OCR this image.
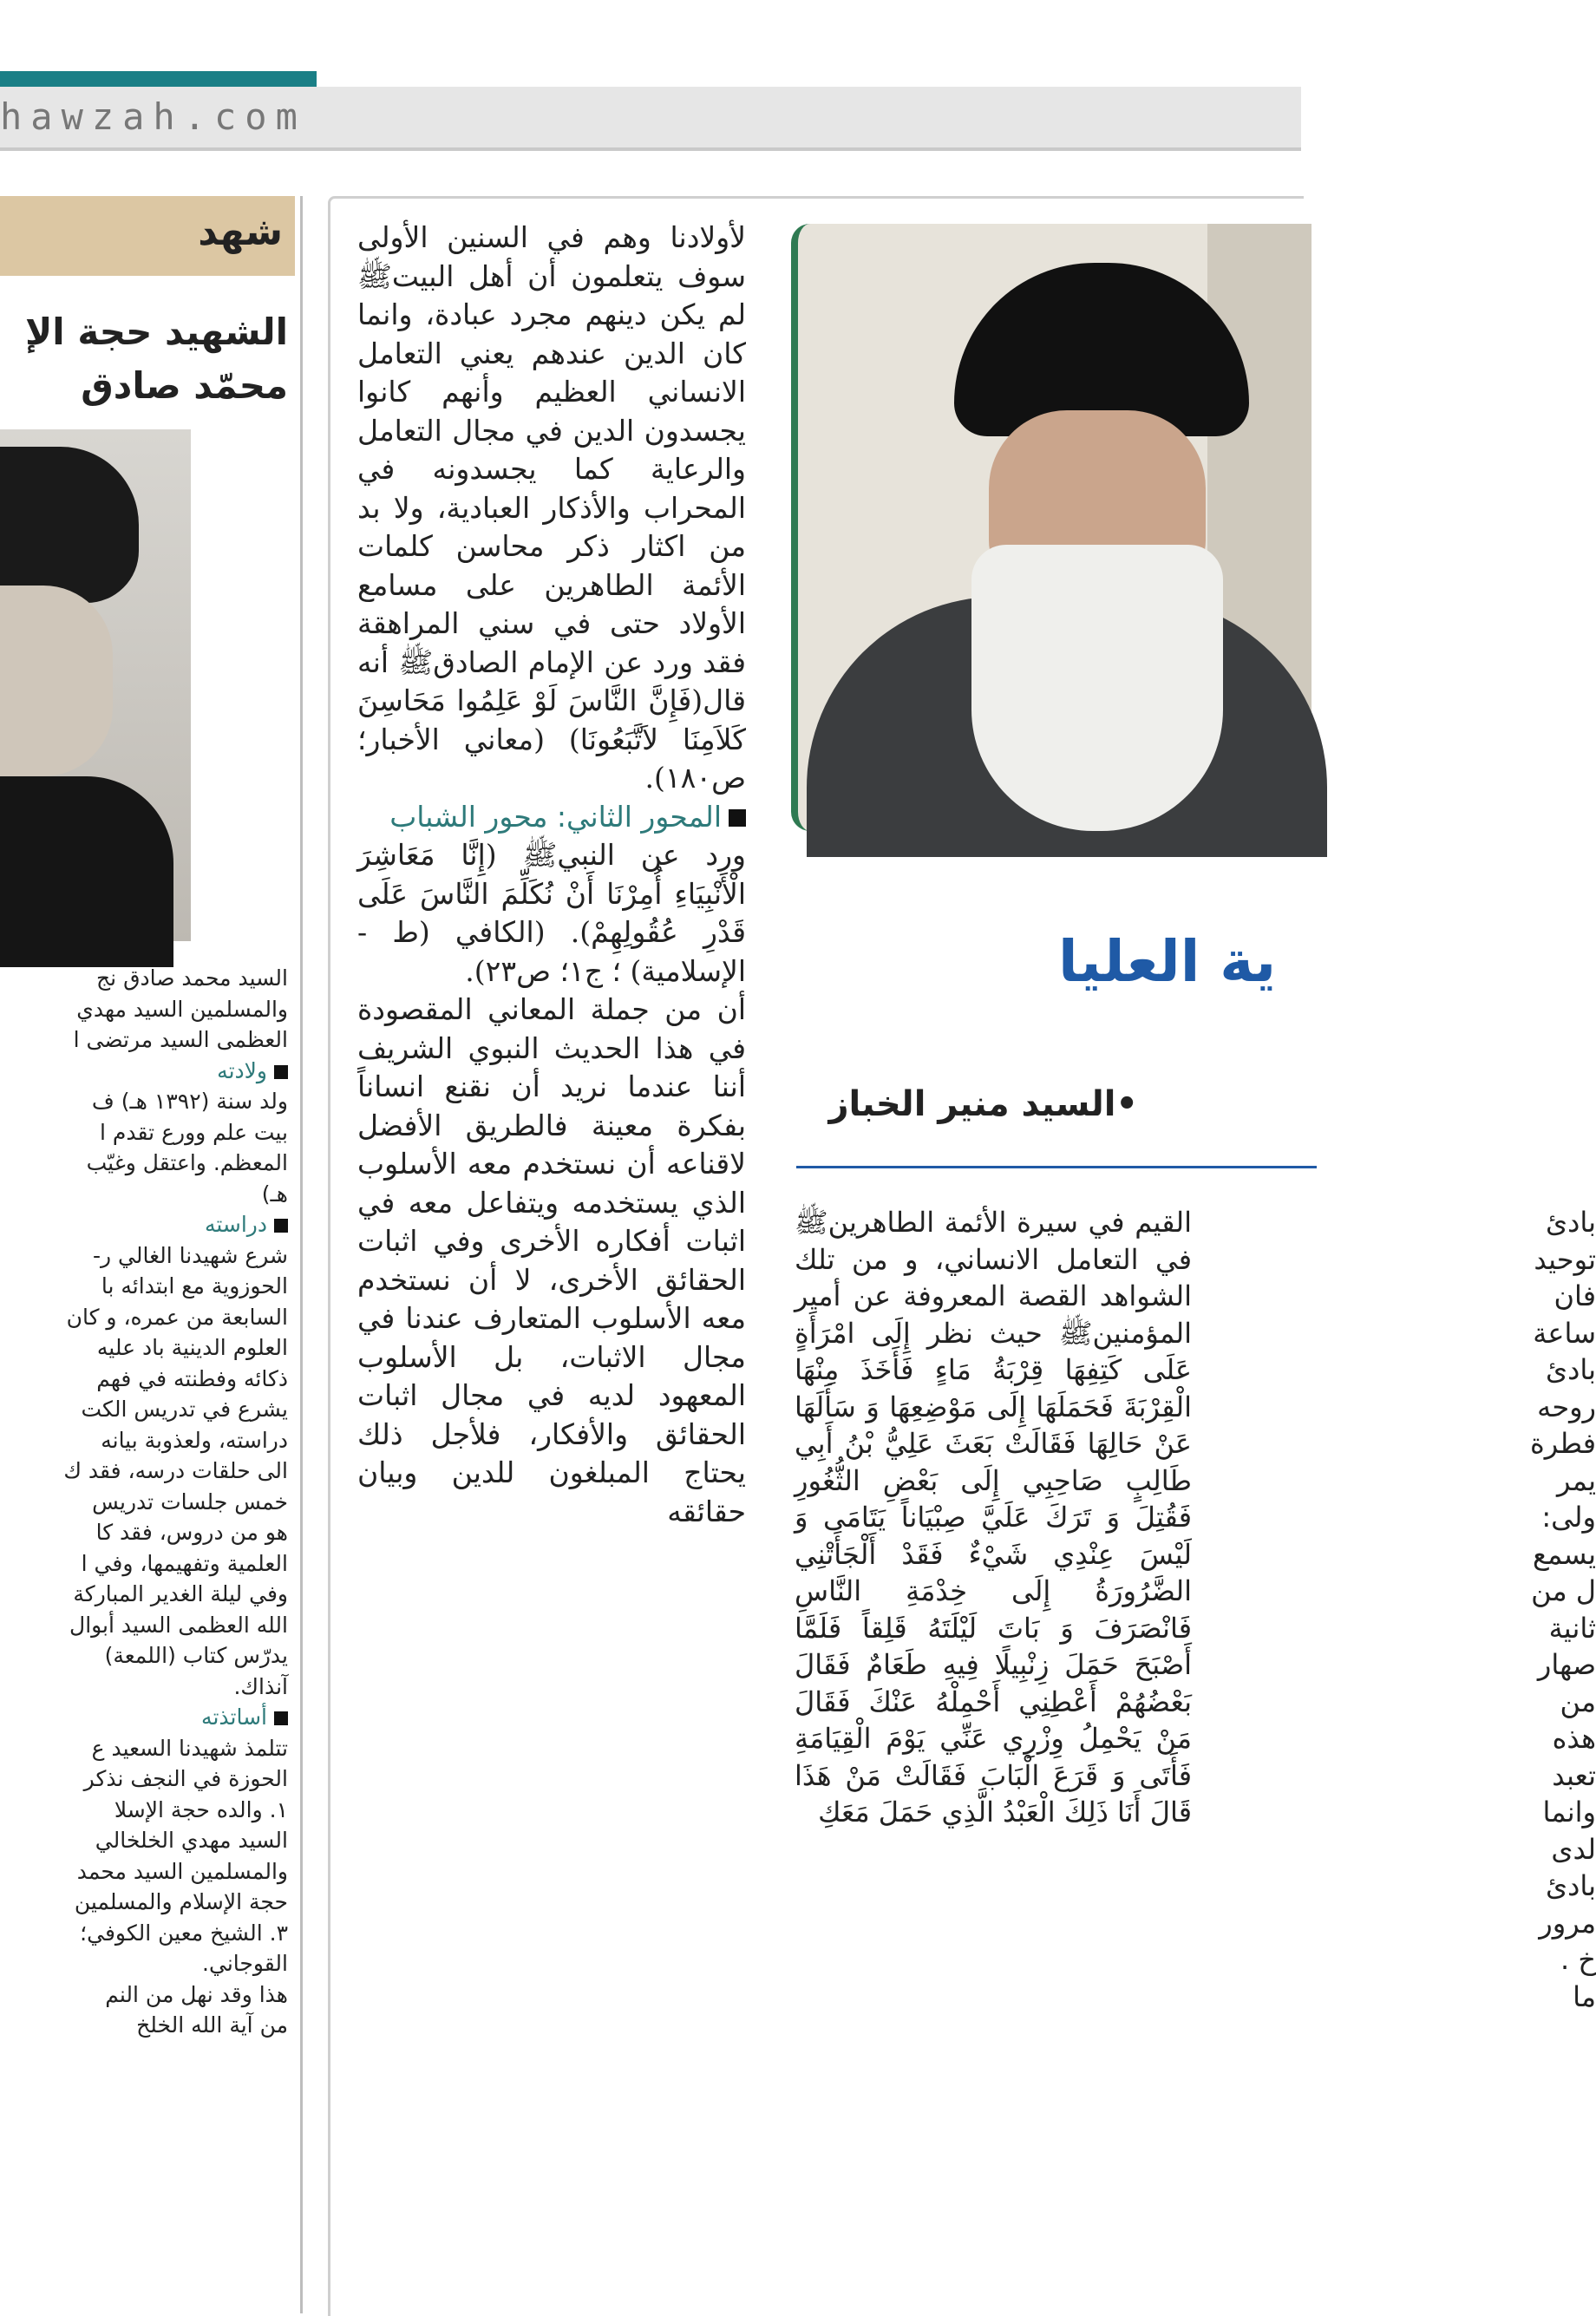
hawzah.com
شهد
الشهيد حجة الإ
محمّد صادق
السيد محمد صادق نج
والمسلمين السيد مهدي
العظمى السيد مرتضى ا
ولادته
ولد سنة (١٣٩٢ هـ) ف
بيت علم وورع تقدم ا
المعظم. واعتقل وغيّب
هـ)
دراسته
شرع شهيدنا الغالي ر-
الحوزوية مع ابتدائه با
السابعة من عمره، و كان
العلوم الدينية باد عليه
ذكائه وفطنته في فهم
يشرع في تدريس الكت
دراسته، ولعذوبة بيانه
الى حلقات درسه، فقد ك
خمس جلسات تدريس
هو من دروس، فقد كا
العلمية وتفهيمها، وفي ا
وفي ليلة الغدير المباركة
الله العظمى السيد أبوال
يدرّس كتاب (اللمعة)
آنذاك.
أساتذته
تتلمذ شهيدنا السعيد ع
الحوزة في النجف نذكر
١. والده حجة الإسلا
السيد مهدي الخلخالي
والمسلمين السيد محمد
حجة الإسلام والمسلمين
٣. الشيخ معين الكوفي؛
القوجاني.
هذا وقد نهل من النم
من آية الله الخلخ
ية العليا
•السيد منير الخباز

لأولادنا وهم في السنين الأولى سوف يتعلمون أن أهل البيتﷺ لم يكن دينهم مجرد عبادة، وانما كان الدين عندهم يعني التعامل الانساني العظيم وأنهم كانوا يجسدون الدين في مجال التعامل والرعاية كما يجسدونه في المحراب والأذكار العبادية، ولا بد من اكثار ذكر محاسن كلمات الأئمة الطاهرين على مسامع الأولاد حتى في سني المراهقة فقد ورد عن الإمام الصادقﷺ أنه قال(فَإِنَّ النَّاسَ لَوْ عَلِمُوا مَحَاسِنَ كَلاَمِنَا لاَتَّبَعُونَا) (معاني الأخبار؛ ص١٨٠).

المحور الثاني: محور الشباب

ورد عن النبيﷺ (إِنَّا مَعَاشِرَ الْأَنْبِيَاءِ أُمِرْنَا أَنْ نُكَلِّمَ النَّاسَ عَلَى قَدْرِ عُقُولِهِمْ). (الكافي (ط - الإسلامية) ؛ ج١؛ ص٢٣).

أن من جملة المعاني المقصودة في هذا الحديث النبوي الشريف أننا عندما نريد أن نقنع انساناً بفكرة معينة فالطريق الأفضل لاقناعه أن نستخدم معه الأسلوب الذي يستخدمه ويتفاعل معه في اثبات أفكاره الأخرى وفي اثبات الحقائق الأخرى، لا أن نستخدم معه الأسلوب المتعارف عندنا في مجال الاثبات، بل الأسلوب المعهود لديه في مجال اثبات الحقائق والأفكار، فلأجل ذلك يحتاج المبلغون للدين وبيان حقائقه

القيم في سيرة الأئمة الطاهرينﷺ في التعامل الانساني، و من تلك الشواهد القصة المعروفة عن أمير المؤمنينﷺ حيث نظر إِلَى امْرَأَةٍ عَلَى كَتِفِهَا قِرْبَةُ مَاءٍ فَأَخَذَ مِنْهَا الْقِرْبَةَ فَحَمَلَهَا إِلَى مَوْضِعِهَا وَ سَأَلَهَا عَنْ حَالِهَا فَقَالَتْ بَعَثَ عَلِيُّ بْنُ أَبِي طَالِبٍ صَاحِبِي إِلَى بَعْضِ الثُّغُورِ فَقُتِلَ وَ تَرَكَ عَلَيَّ صِبْيَاناً يَتَامَى وَ لَيْسَ عِنْدِي شَيْءٌ فَقَدْ أَلْجَأَتْنِي الضَّرُورَةُ إِلَى خِدْمَةِ النَّاسِ فَانْصَرَفَ وَ بَاتَ لَيْلَتَهُ قَلِقاً فَلَمَّا أَصْبَحَ حَمَلَ زِنْبِيلًا فِيهِ طَعَامٌ فَقَالَ بَعْضُهُمْ أَعْطِنِي أَحْمِلْهُ عَنْكَ فَقَالَ مَنْ يَحْمِلُ وِزْرِي عَنِّي يَوْمَ الْقِيَامَةِ فَأَتَى وَ قَرَعَ الْبَابَ فَقَالَتْ مَنْ هَذَا قَالَ أَنَا ذَلِكَ الْعَبْدُ الَّذِي حَمَلَ مَعَكِ

بادئ
توحيد
فان
ساعة
بادئ
روحه
فطرة
يمر
ولى:
يسمع
ل من
ثانية
صهار
من
هذه
تعبد
وانما
لدى
بادئ
مرور
خ .
ما
